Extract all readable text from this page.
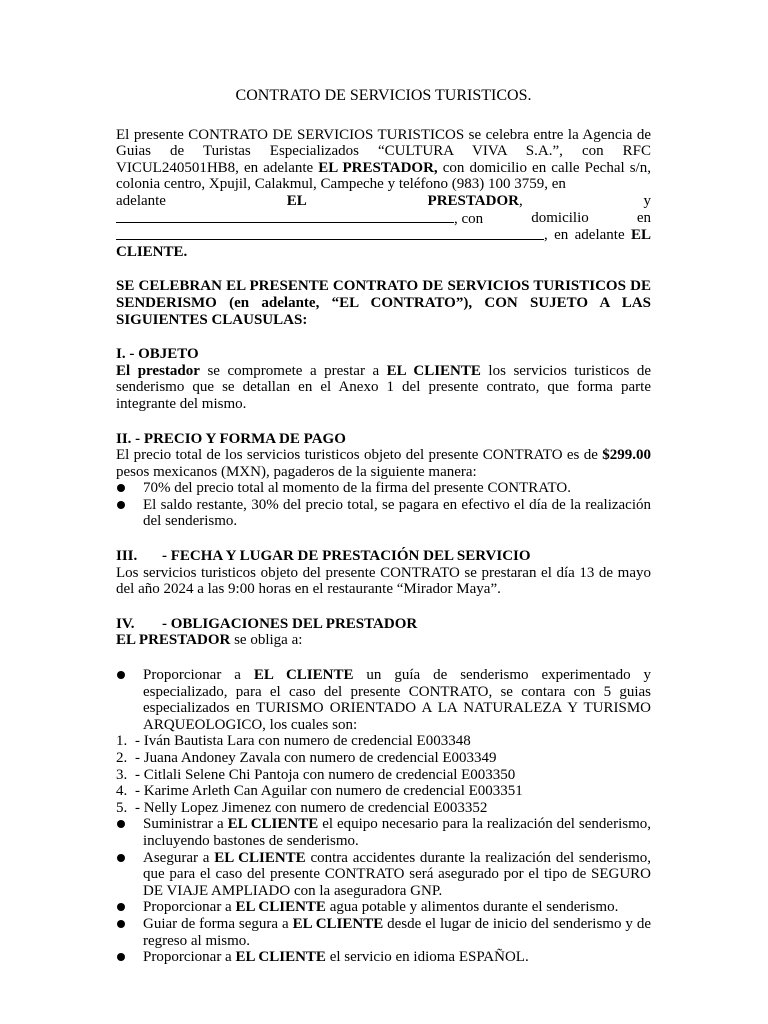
CONTRATO DE SERVICIOS TURISTICOS.

El presente CONTRATO DE SERVICIOS TURISTICOS se celebra entre la Agencia de Guias de Turistas Especializados “CULTURA VIVA S.A.”, con RFC VICUL240501HB8, en adelante EL PRESTADOR, con domicilio en calle Pechal s/n, colonia centro, Xpujil, Calakmul, Campeche y teléfono (983) 100 3759, en

adelante	EL	PRESTADOR,	y
, con	domicilio	en
, en adelante EL

CLIENTE.

SE CELEBRAN EL PRESENTE CONTRATO DE SERVICIOS TURISTICOS DE SENDERISMO (en adelante, “EL CONTRATO”), CON SUJETO A LAS SIGUIENTES CLAUSULAS:

I. - OBJETO

El prestador se compromete a prestar a EL CLIENTE los servicios turisticos de senderismo que se detallan en el Anexo 1 del presente contrato, que forma parte integrante del mismo.

II. - PRECIO Y FORMA DE PAGO

El precio total de los servicios turisticos objeto del presente CONTRATO es de $299.00 pesos mexicanos (MXN), pagaderos de la siguiente manera:

70% del precio total al momento de la firma del presente CONTRATO.
El saldo restante, 30% del precio total, se pagara en efectivo el día de la realización del senderismo.

III. - FECHA Y LUGAR DE PRESTACIÓN DEL SERVICIO

Los servicios turisticos objeto del presente CONTRATO se prestaran el día 13 de mayo del año 2024 a las 9:00 horas en el restaurante “Mirador Maya”.

IV. - OBLIGACIONES DEL PRESTADOR

EL PRESTADOR se obliga a:

Proporcionar a EL CLIENTE un guía de senderismo experimentado y especializado, para el caso del presente CONTRATO, se contara con 5 guias especializados en TURISMO ORIENTADO A LA NATURALEZA Y TURISMO ARQUEOLOGICO, los cuales son:
1. - Iván Bautista Lara con numero de credencial E003348
2. - Juana Andoney Zavala con numero de credencial E003349
3. - Citlali Selene Chi Pantoja con numero de credencial E003350
4. - Karime Arleth Can Aguilar con numero de credencial E003351
5. - Nelly Lopez Jimenez con numero de credencial E003352
Suministrar a EL CLIENTE el equipo necesario para la realización del senderismo, incluyendo bastones de senderismo.
Asegurar a EL CLIENTE contra accidentes durante la realización del senderismo, que para el caso del presente CONTRATO será asegurado por el tipo de SEGURO DE VIAJE AMPLIADO con la aseguradora GNP.
Proporcionar a EL CLIENTE agua potable y alimentos durante el senderismo.
Guiar de forma segura a EL CLIENTE desde el lugar de inicio del senderismo y de regreso al mismo.
Proporcionar a EL CLIENTE el servicio en idioma ESPAÑOL.
